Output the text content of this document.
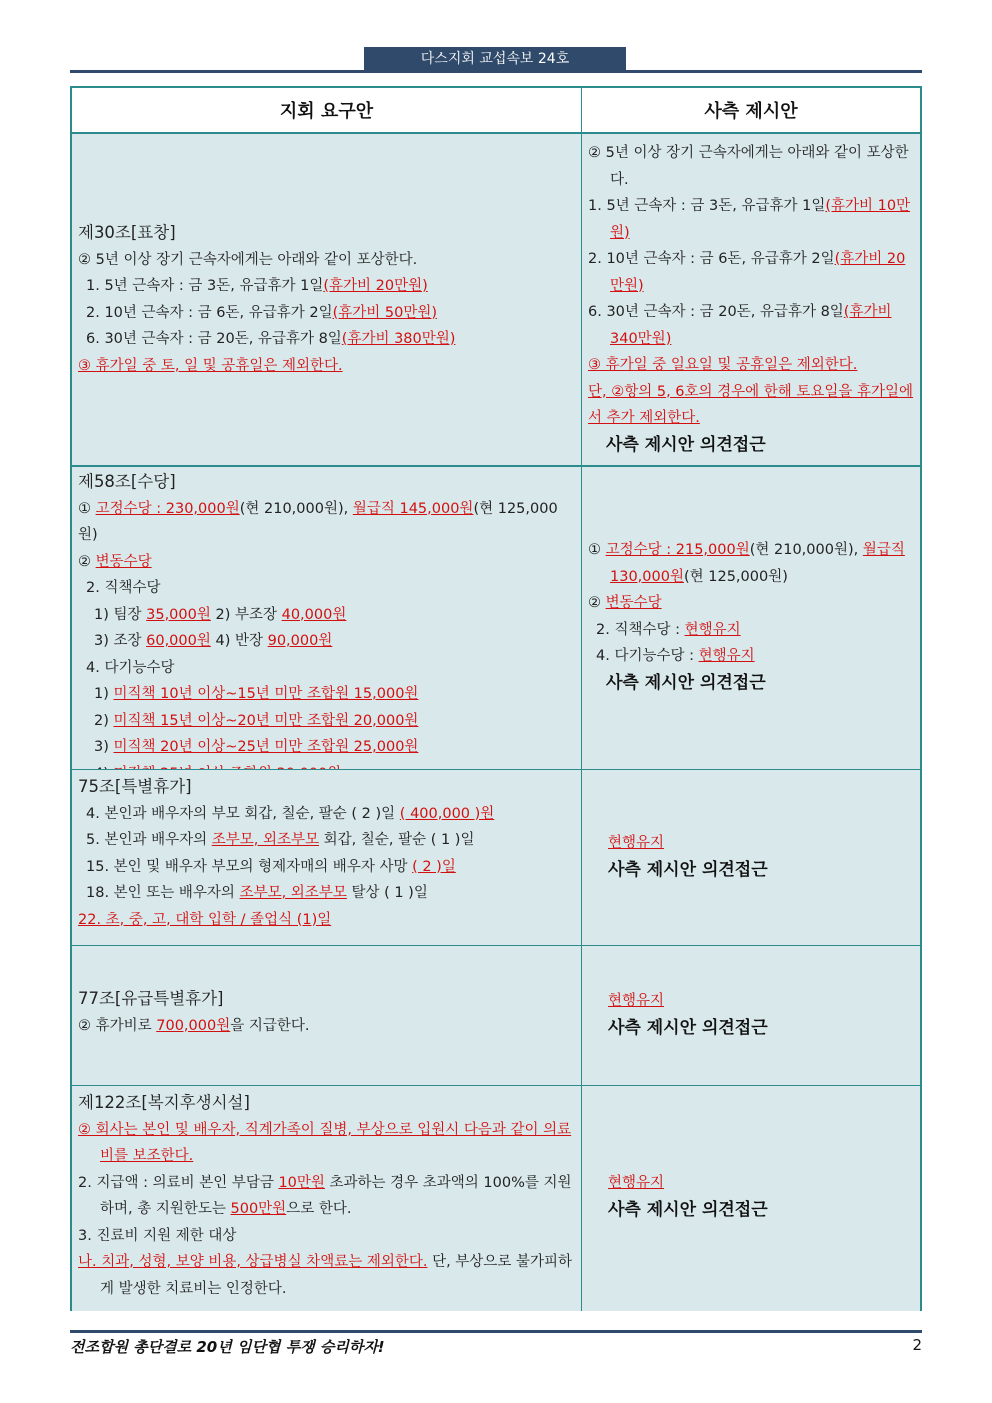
다스지회 교섭속보 24호
지회 요구안	사측 제시안
제30조[표창]
② 5년 이상 장기 근속자에게는 아래와 같이 포상한다.
1. 5년 근속자 : 금 3돈, 유급휴가 1일(휴가비 20만원)
2. 10년 근속자 : 금 6돈, 유급휴가 2일(휴가비 50만원)
6. 30년 근속자 : 금 20돈, 유급휴가 8일(휴가비 380만원)
③ 휴가일 중 토, 일 및 공휴일은 제외한다.
② 5년 이상 장기 근속자에게는 아래와 같이 포상한다.
1. 5년 근속자 : 금 3돈, 유급휴가 1일(휴가비 10만원)
2. 10년 근속자 : 금 6돈, 유급휴가 2일(휴가비 20만원)
6. 30년 근속자 : 금 20돈, 유급휴가 8일(휴가비 340만원)
③ 휴가일 중 일요일 및 공휴일은 제외한다.
단, ②항의 5, 6호의 경우에 한해 토요일을 휴가일에서 추가 제외한다.
사측 제시안 의견접근
제58조[수당]
① 고정수당 : 230,000원(현 210,000원), 월급직 145,000원(현 125,000원)
② 변동수당
2. 직책수당
1) 팀장 35,000원 2) 부조장 40,000원
3) 조장 60,000원 4) 반장 90,000원
4. 다기능수당
1) 미직책 10년 이상~15년 미만 조합원 15,000원
2) 미직책 15년 이상~20년 미만 조합원 20,000원
3) 미직책 20년 이상~25년 미만 조합원 25,000원
① 고정수당 : 215,000원(현 210,000원), 월급직 130,000원(현 125,000원)
② 변동수당
2. 직책수당 : 현행유지
4. 다기능수당 : 현행유지
사측 제시안 의견접근
75조[특별휴가]
4. 본인과 배우자의 부모 회갑, 칠순, 팔순 ( 2 )일 ( 400,000 )원
5. 본인과 배우자의 조부모, 외조부모 회갑, 칠순, 팔순 ( 1 )일
15. 본인 및 배우자 부모의 형제자매의 배우자 사망 ( 2 )일
18. 본인 또는 배우자의 조부모, 외조부모 탈상 ( 1 )일
22. 초, 중, 고, 대학 입학 / 졸업식 (1)일
현행유지
사측 제시안 의견접근
77조[유급특별휴가]
② 휴가비로 700,000원을 지급한다.
현행유지
사측 제시안 의견접근
제122조[복지후생시설]
② 회사는 본인 및 배우자, 직계가족이 질병, 부상으로 입원시 다음과 같이 의료비를 보조한다.
2. 지급액 : 의료비 본인 부담금 10만원 초과하는 경우 초과액의 100%를 지원하며, 총 지원한도는 500만원으로 한다.
3. 진료비 지원 제한 대상
나. 치과, 성형, 보양 비용, 상급병실 차액료는 제외한다. 단, 부상으로 불가피하게 발생한 치료비는 인정한다.
현행유지
사측 제시안 의견접근
전조합원 총단결로 20년 임단협 투쟁 승리하자!	2
